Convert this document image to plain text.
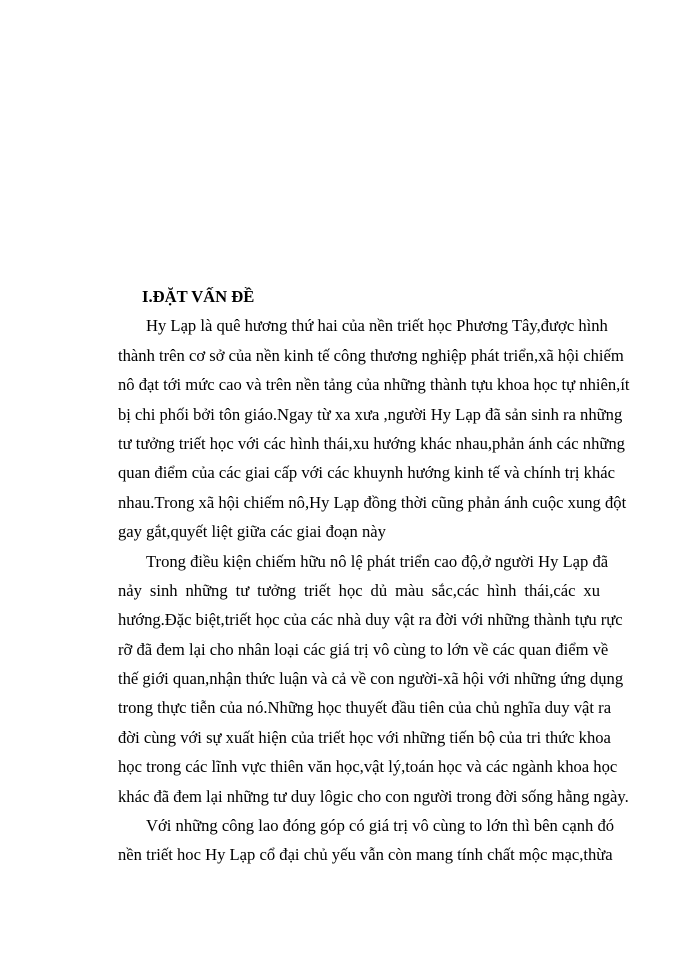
I.ĐẶT VẤN ĐỀ
Hy Lạp là quê hương thứ hai của nền triết học Phương Tây,được hình
thành trên cơ sở của nền kinh tế công thương nghiệp phát triển,xã hội chiếm
nô đạt tới mức cao và trên nền tảng của những thành tựu khoa học tự nhiên,ít
bị chi phối bởi tôn giáo.Ngay từ xa xưa ,người Hy Lạp đã sản sinh ra những
tư tưởng triết học với các hình thái,xu hướng khác nhau,phản ánh các những
quan điểm của các giai cấp với các khuynh hướng kinh tế và chính trị khác
nhau.Trong xã hội chiếm nô,Hy Lạp đồng thời cũng phản ánh cuộc xung đột
gay gắt,quyết liệt giữa các giai đoạn này
Trong điều kiện chiếm hữu nô lệ phát triển cao độ,ở người Hy Lạp đã
nảy sinh những tư tưởng triết học dủ màu sắc,các hình thái,các xu
hướng.Đặc biệt,triết học của các nhà duy vật ra đời với những thành tựu rực
rỡ đã đem lại cho nhân loại các giá trị vô cùng to lớn về các quan điểm về
thế giới quan,nhận thức luận và cả về con người-xã hội với những ứng dụng
trong thực tiễn của nó.Những học thuyết đầu tiên của chủ nghĩa duy vật ra
đời cùng với sự xuất hiện của triết học với những tiến bộ của tri thức khoa
học trong các lĩnh vực thiên văn học,vật lý,toán học và các ngành khoa học
khác đã đem lại những tư duy lôgic cho con người trong đời sống hằng ngày.
Với những công lao đóng góp có giá trị vô cùng to lớn thì bên cạnh đó
nền triết hoc Hy Lạp cổ đại chủ yếu vẫn còn mang tính chất mộc mạc,thừa
